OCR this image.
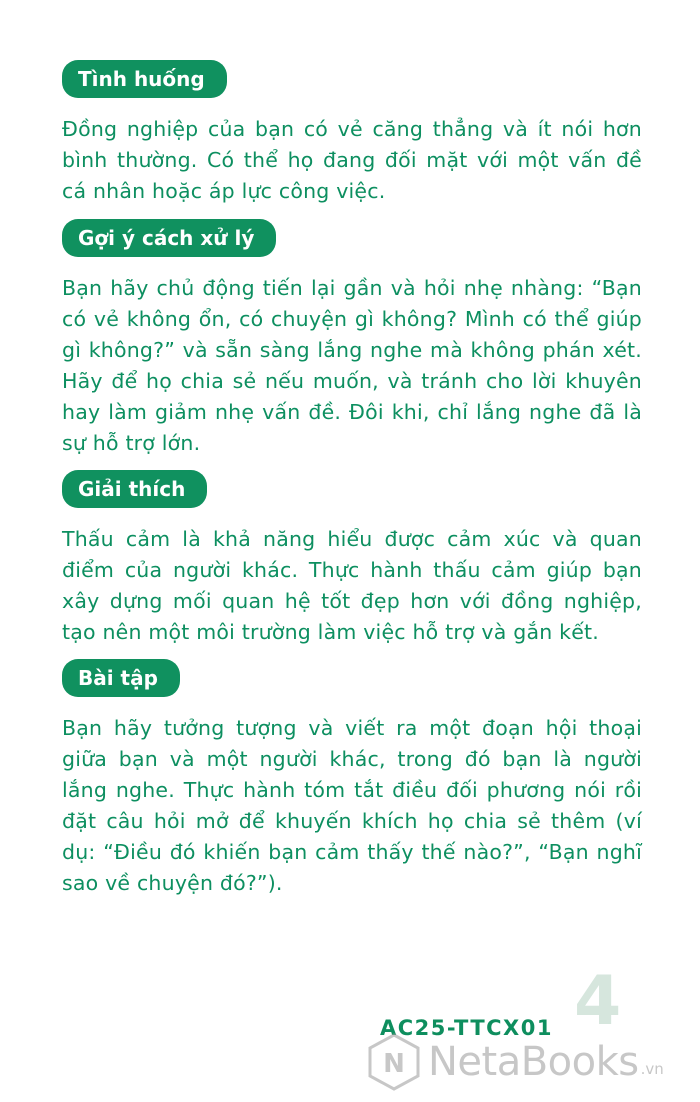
Tình huống
Đồng nghiệp của bạn có vẻ căng thẳng và ít nói hơn bình thường. Có thể họ đang đối mặt với một vấn đề cá nhân hoặc áp lực công việc.
Gợi ý cách xử lý
Bạn hãy chủ động tiến lại gần và hỏi nhẹ nhàng: “Bạn có vẻ không ổn, có chuyện gì không? Mình có thể giúp gì không?” và sẵn sàng lắng nghe mà không phán xét. Hãy để họ chia sẻ nếu muốn, và tránh cho lời khuyên hay làm giảm nhẹ vấn đề. Đôi khi, chỉ lắng nghe đã là sự hỗ trợ lớn.
Giải thích
Thấu cảm là khả năng hiểu được cảm xúc và quan điểm của người khác. Thực hành thấu cảm giúp bạn xây dựng mối quan hệ tốt đẹp hơn với đồng nghiệp, tạo nên một môi trường làm việc hỗ trợ và gắn kết.
Bài tập
Bạn hãy tưởng tượng và viết ra một đoạn hội thoại giữa bạn và một người khác, trong đó bạn là người lắng nghe. Thực hành tóm tắt điều đối phương nói rồi đặt câu hỏi mở để khuyến khích họ chia sẻ thêm (ví dụ: “Điều đó khiến bạn cảm thấy thế nào?”, “Bạn nghĩ sao về chuyện đó?”).
4
AC25-TTCX01
N NetaBooks .vn
